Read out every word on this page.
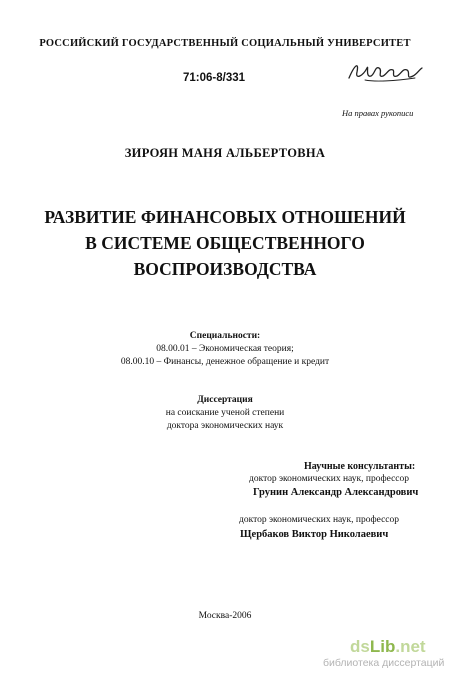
РОССИЙСКИЙ ГОСУДАРСТВЕННЫЙ СОЦИАЛЬНЫЙ УНИВЕРСИТЕТ
71:06-8/331
На правах рукописи
ЗИРОЯН МАНЯ АЛЬБЕРТОВНА
РАЗВИТИЕ ФИНАНСОВЫХ ОТНОШЕНИЙ
В СИСТЕМЕ ОБЩЕСТВЕННОГО
ВОСПРОИЗВОДСТВА
Специальности:
08.00.01 – Экономическая теория;
08.00.10 – Финансы, денежное обращение и кредит
Диссертация
на соискание ученой степени
доктора экономических наук
Научные консультанты:
доктор экономических наук, профессор
Грунин Александр Александрович
доктор экономических наук, профессор
Щербаков Виктор Николаевич
Москва-2006
dsLib.net
библиотека диссертаций
